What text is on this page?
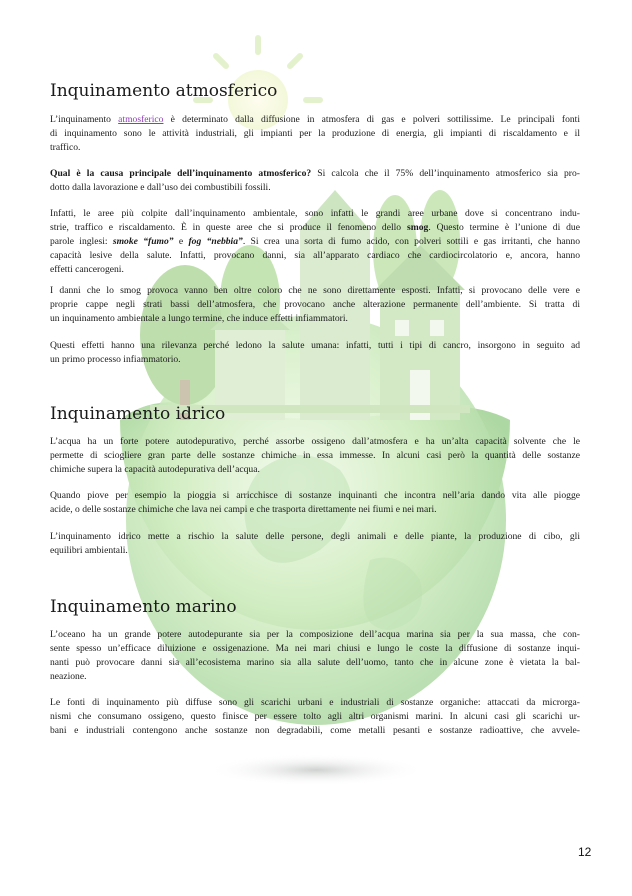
Inquinamento atmosferico
L’inquinamento atmosferico è determinato dalla diffusione in atmosfera di gas e polveri sottilissime. Le principali fonti
di inquinamento sono le attività industriali, gli impianti per la produzione di energia, gli impianti di riscaldamento e il
traffico.
Qual è la causa principale dell’inquinamento atmosferico? Si calcola che il 75% dell’inquinamento atmosferico sia pro-
dotto dalla lavorazione e dall’uso dei combustibili fossili.
Infatti, le aree più colpite dall’inquinamento ambientale, sono infatti le grandi aree urbane dove si concentrano indu-
strie, traffico e riscaldamento. È in queste aree che si produce il fenomeno dello smog. Questo termine è l’unione di due
parole inglesi: smoke “fumo” e fog “nebbia”. Si crea una sorta di fumo acido, con polveri sottili e gas irritanti, che hanno
capacità lesive della salute. Infatti, provocano danni, sia all’apparato cardiaco che cardiocircolatorio e, ancora, hanno
effetti cancerogeni.
I danni che lo smog provoca vanno ben oltre coloro che ne sono direttamente esposti. Infatti, si provocano delle vere e
proprie cappe negli strati bassi dell’atmosfera, che provocano anche alterazione permanente dell’ambiente. Si tratta di
un inquinamento ambientale a lungo termine, che induce effetti infiammatori.
Questi effetti hanno una rilevanza perché ledono la salute umana: infatti, tutti i tipi di cancro, insorgono in seguito ad
un primo processo infiammatorio.
Inquinamento idrico
L’acqua ha un forte potere autodepurativo, perché assorbe ossigeno dall’atmosfera e ha un’alta capacità solvente che le
permette di sciogliere gran parte delle sostanze chimiche in essa immesse. In alcuni casi però la quantità delle sostanze
chimiche supera la capacità autodepurativa dell’acqua.
Quando piove per esempio la pioggia si arricchisce di sostanze inquinanti che incontra nell’aria dando vita alle piogge
acide, o delle sostanze chimiche che lava nei campi e che trasporta direttamente nei fiumi e nei mari.
L’inquinamento idrico mette a rischio la salute delle persone, degli animali e delle piante, la produzione di cibo, gli
equilibri ambientali.
Inquinamento marino
L’oceano ha un grande potere autodepurante sia per la composizione dell’acqua marina sia per la sua massa, che con-
sente spesso un’efficace diluizione e ossigenazione. Ma nei mari chiusi e lungo le coste la diffusione di sostanze inqui-
nanti può provocare danni sia all’ecosistema marino sia alla salute dell’uomo, tanto che in alcune zone è vietata la bal-
neazione.
Le fonti di inquinamento più diffuse sono gli scarichi urbani e industriali di sostanze organiche: attaccati da microrga-
nismi che consumano ossigeno, questo finisce per essere tolto agli altri organismi marini. In alcuni casi gli scarichi ur-
bani e industriali contengono anche sostanze non degradabili, come metalli pesanti e sostanze radioattive, che avvele-
12
